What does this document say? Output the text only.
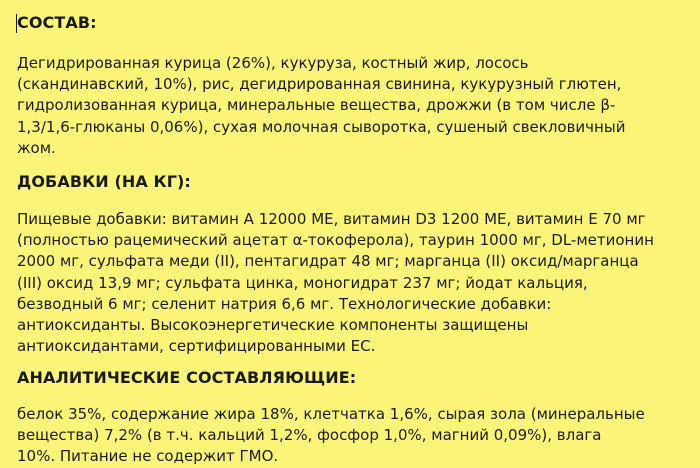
СОСТАВ:

Дегидрированная курица (26%), кукуруза, костный жир, лосось
(скандинавский, 10%), рис, дегидрированная свинина, кукурузный глютен,
гидролизованная курица, минеральные вещества, дрожжи (в том числе β-
1,3/1,6-глюканы 0,06%), сухая молочная сыворотка, сушеный свекловичный
жом.

ДОБАВКИ (НА КГ):

Пищевые добавки: витамин А 12000 МЕ, витамин D3 1200 МЕ, витамин Е 70 мг
(полностью рацемический ацетат α-токоферола), таурин 1000 мг, DL-метионин
2000 мг, сульфата меди (II), пентагидрат 48 мг; марганца (II) оксид/марганца
(III) оксид 13,9 мг; сульфата цинка, моногидрат 237 мг; йодат кальция,
безводный 6 мг; селенит натрия 6,6 мг. Технологические добавки:
антиоксиданты. Высокоэнергетические компоненты защищены
антиоксидантами, сертифицированными ЕС.

АНАЛИТИЧЕСКИЕ СОСТАВЛЯЮЩИЕ:

белок 35%, содержание жира 18%, клетчатка 1,6%, сырая зола (минеральные
вещества) 7,2% (в т.ч. кальций 1,2%, фосфор 1,0%, магний 0,09%), влага
10%. Питание не содержит ГМО.
